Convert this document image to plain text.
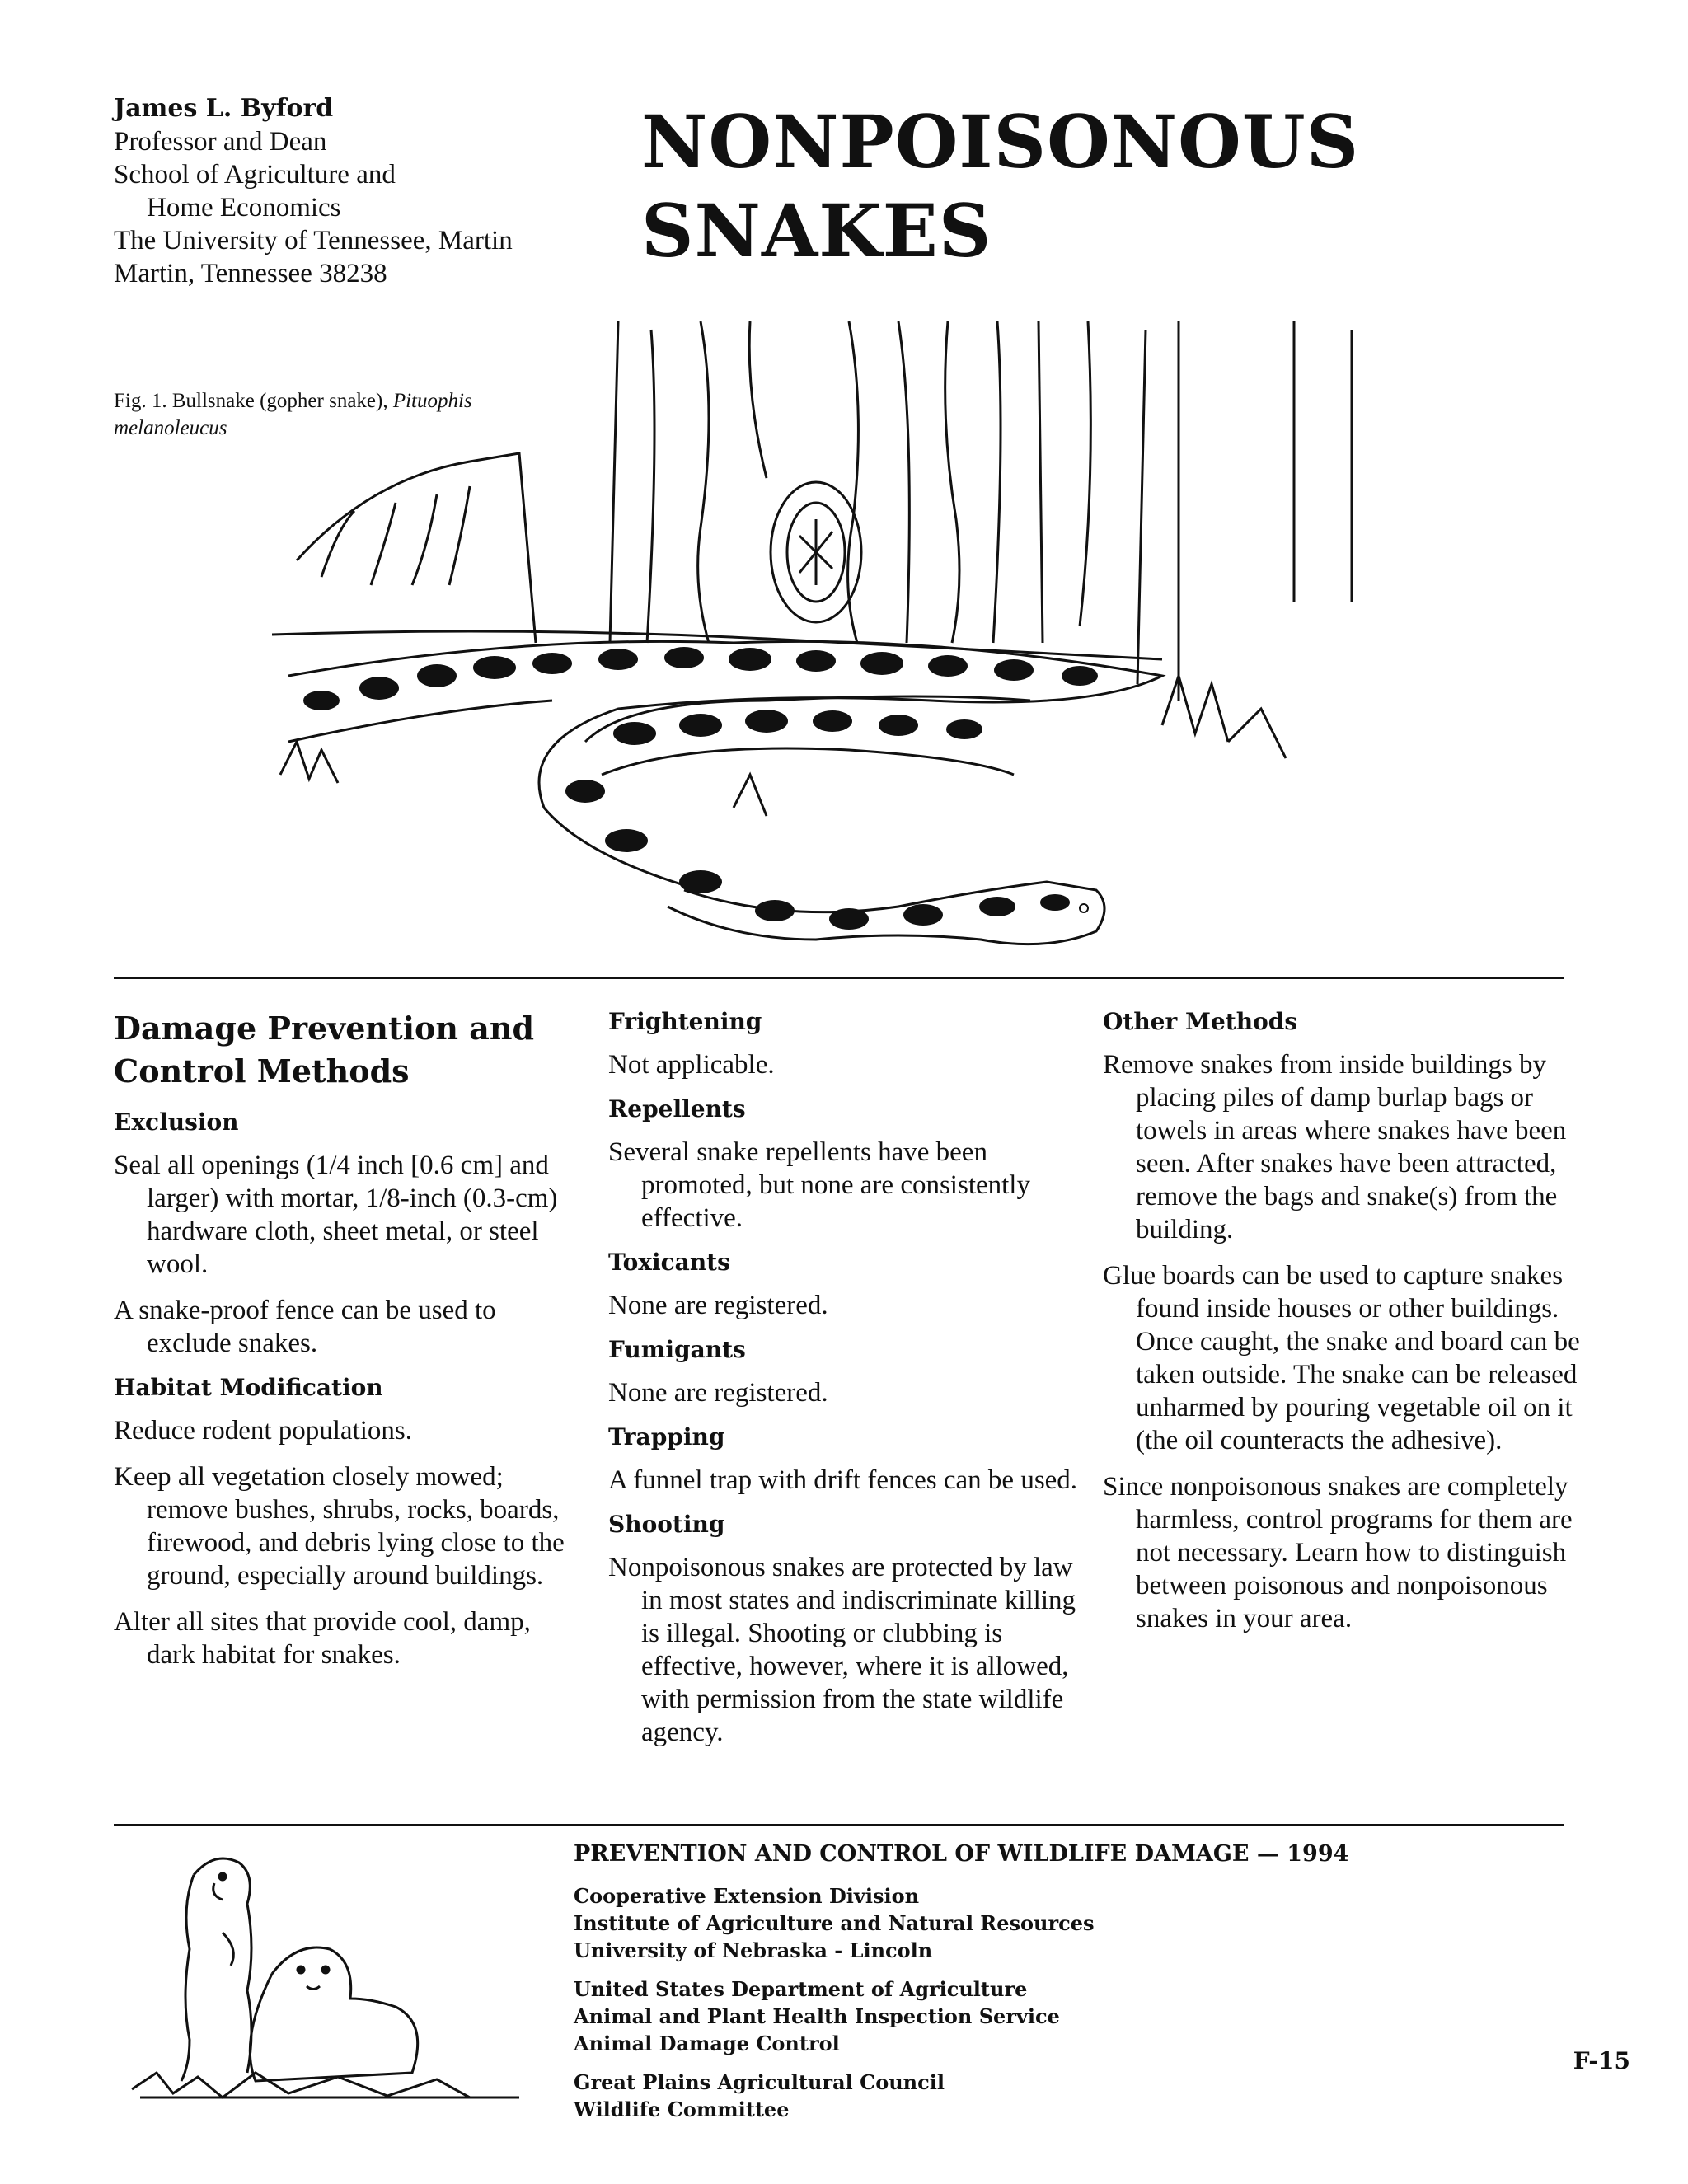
James L. Byford
Professor and Dean
School of Agriculture and
Home Economics
The University of Tennessee, Martin
Martin, Tennessee 38238
NONPOISONOUS
SNAKES
Fig. 1. Bullsnake (gopher snake), Pituophis
melanoleucus
Damage Prevention and Control Methods
Exclusion

Seal all openings (1/4 inch [0.6 cm] and larger) with mortar, 1/8-inch (0.3-cm) hardware cloth, sheet metal, or steel wool.

A snake-proof fence can be used to exclude snakes.

Habitat Modification

Reduce rodent populations.

Keep all vegetation closely mowed; remove bushes, shrubs, rocks, boards, firewood, and debris lying close to the ground, especially around buildings.

Alter all sites that provide cool, damp, dark habitat for snakes.

Frightening

Not applicable.

Repellents

Several snake repellents have been promoted, but none are consistently effective.

Toxicants

None are registered.

Fumigants

None are registered.

Trapping

A funnel trap with drift fences can be used.

Shooting

Nonpoisonous snakes are protected by law in most states and indiscriminate killing is illegal. Shooting or clubbing is effective, however, where it is allowed, with permission from the state wildlife agency.

Other Methods

Remove snakes from inside buildings by placing piles of damp burlap bags or towels in areas where snakes have been seen. After snakes have been attracted, remove the bags and snake(s) from the building.

Glue boards can be used to capture snakes found inside houses or other buildings. Once caught, the snake and board can be taken outside. The snake can be released unharmed by pouring vegetable oil on it (the oil counteracts the adhesive).

Since nonpoisonous snakes are completely harmless, control programs for them are not necessary. Learn how to distinguish between poisonous and nonpoisonous snakes in your area.

PREVENTION AND CONTROL OF WILDLIFE DAMAGE — 1994
Cooperative Extension Division
Institute of Agriculture and Natural Resources
University of Nebraska - Lincoln
United States Department of Agriculture
Animal and Plant Health Inspection Service
Animal Damage Control
Great Plains Agricultural Council
Wildlife Committee
F-15
